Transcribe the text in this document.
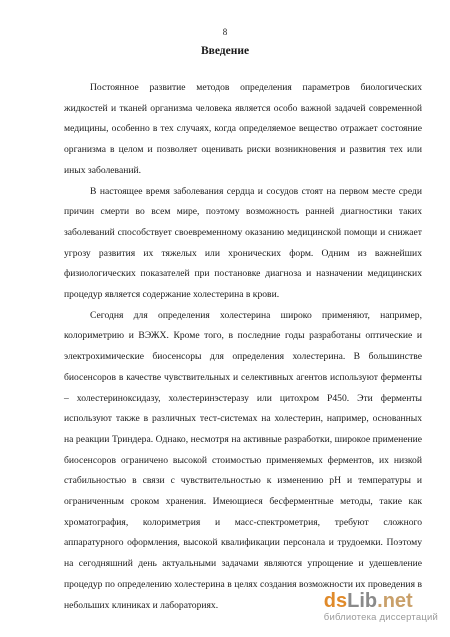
8
Введение

Постоянное развитие методов определения параметров биологических жидкостей и тканей организма человека является особо важной задачей современной медицины, особенно в тех случаях, когда определяемое вещество отражает состояние организма в целом и позволяет оценивать риски возникновения и развития тех или иных заболеваний.

В настоящее время заболевания сердца и сосудов стоят на первом месте среди причин смерти во всем мире, поэтому возможность ранней диагностики таких заболеваний способствует своевременному оказанию медицинской помощи и снижает угрозу развития их тяжелых или хронических форм. Одним из важнейших физиологических показателей при постановке диагноза и назначении медицинских процедур является содержание холестерина в крови.

Сегодня для определения холестерина широко применяют, например, колориметрию и ВЭЖХ. Кроме того, в последние годы разработаны оптические и электрохимические биосенсоры для определения холестерина. В большинстве биосенсоров в качестве чувствительных и селективных агентов используют ферменты – холестериноксидазу, холестеринэстеразу или цитохром P450. Эти ферменты используют также в различных тест-системах на холестерин, например, основанных на реакции Триндера. Однако, несмотря на активные разработки, широкое применение биосенсоров ограничено высокой стоимостью применяемых ферментов, их низкой стабильностью в связи с чувствительностью к изменению pH и температуры и ограниченным сроком хранения. Имеющиеся бесферментные методы, такие как хроматография, колориметрия и масс-спектрометрия, требуют сложного аппаратурного оформления, высокой квалификации персонала и трудоемки. Поэтому на сегодняшний день актуальными задачами являются упрощение и удешевление процедур по определению холестерина в целях создания возможности их проведения в небольших клиниках и лабораториях.	dsLib.net
библиотека диссертаций
